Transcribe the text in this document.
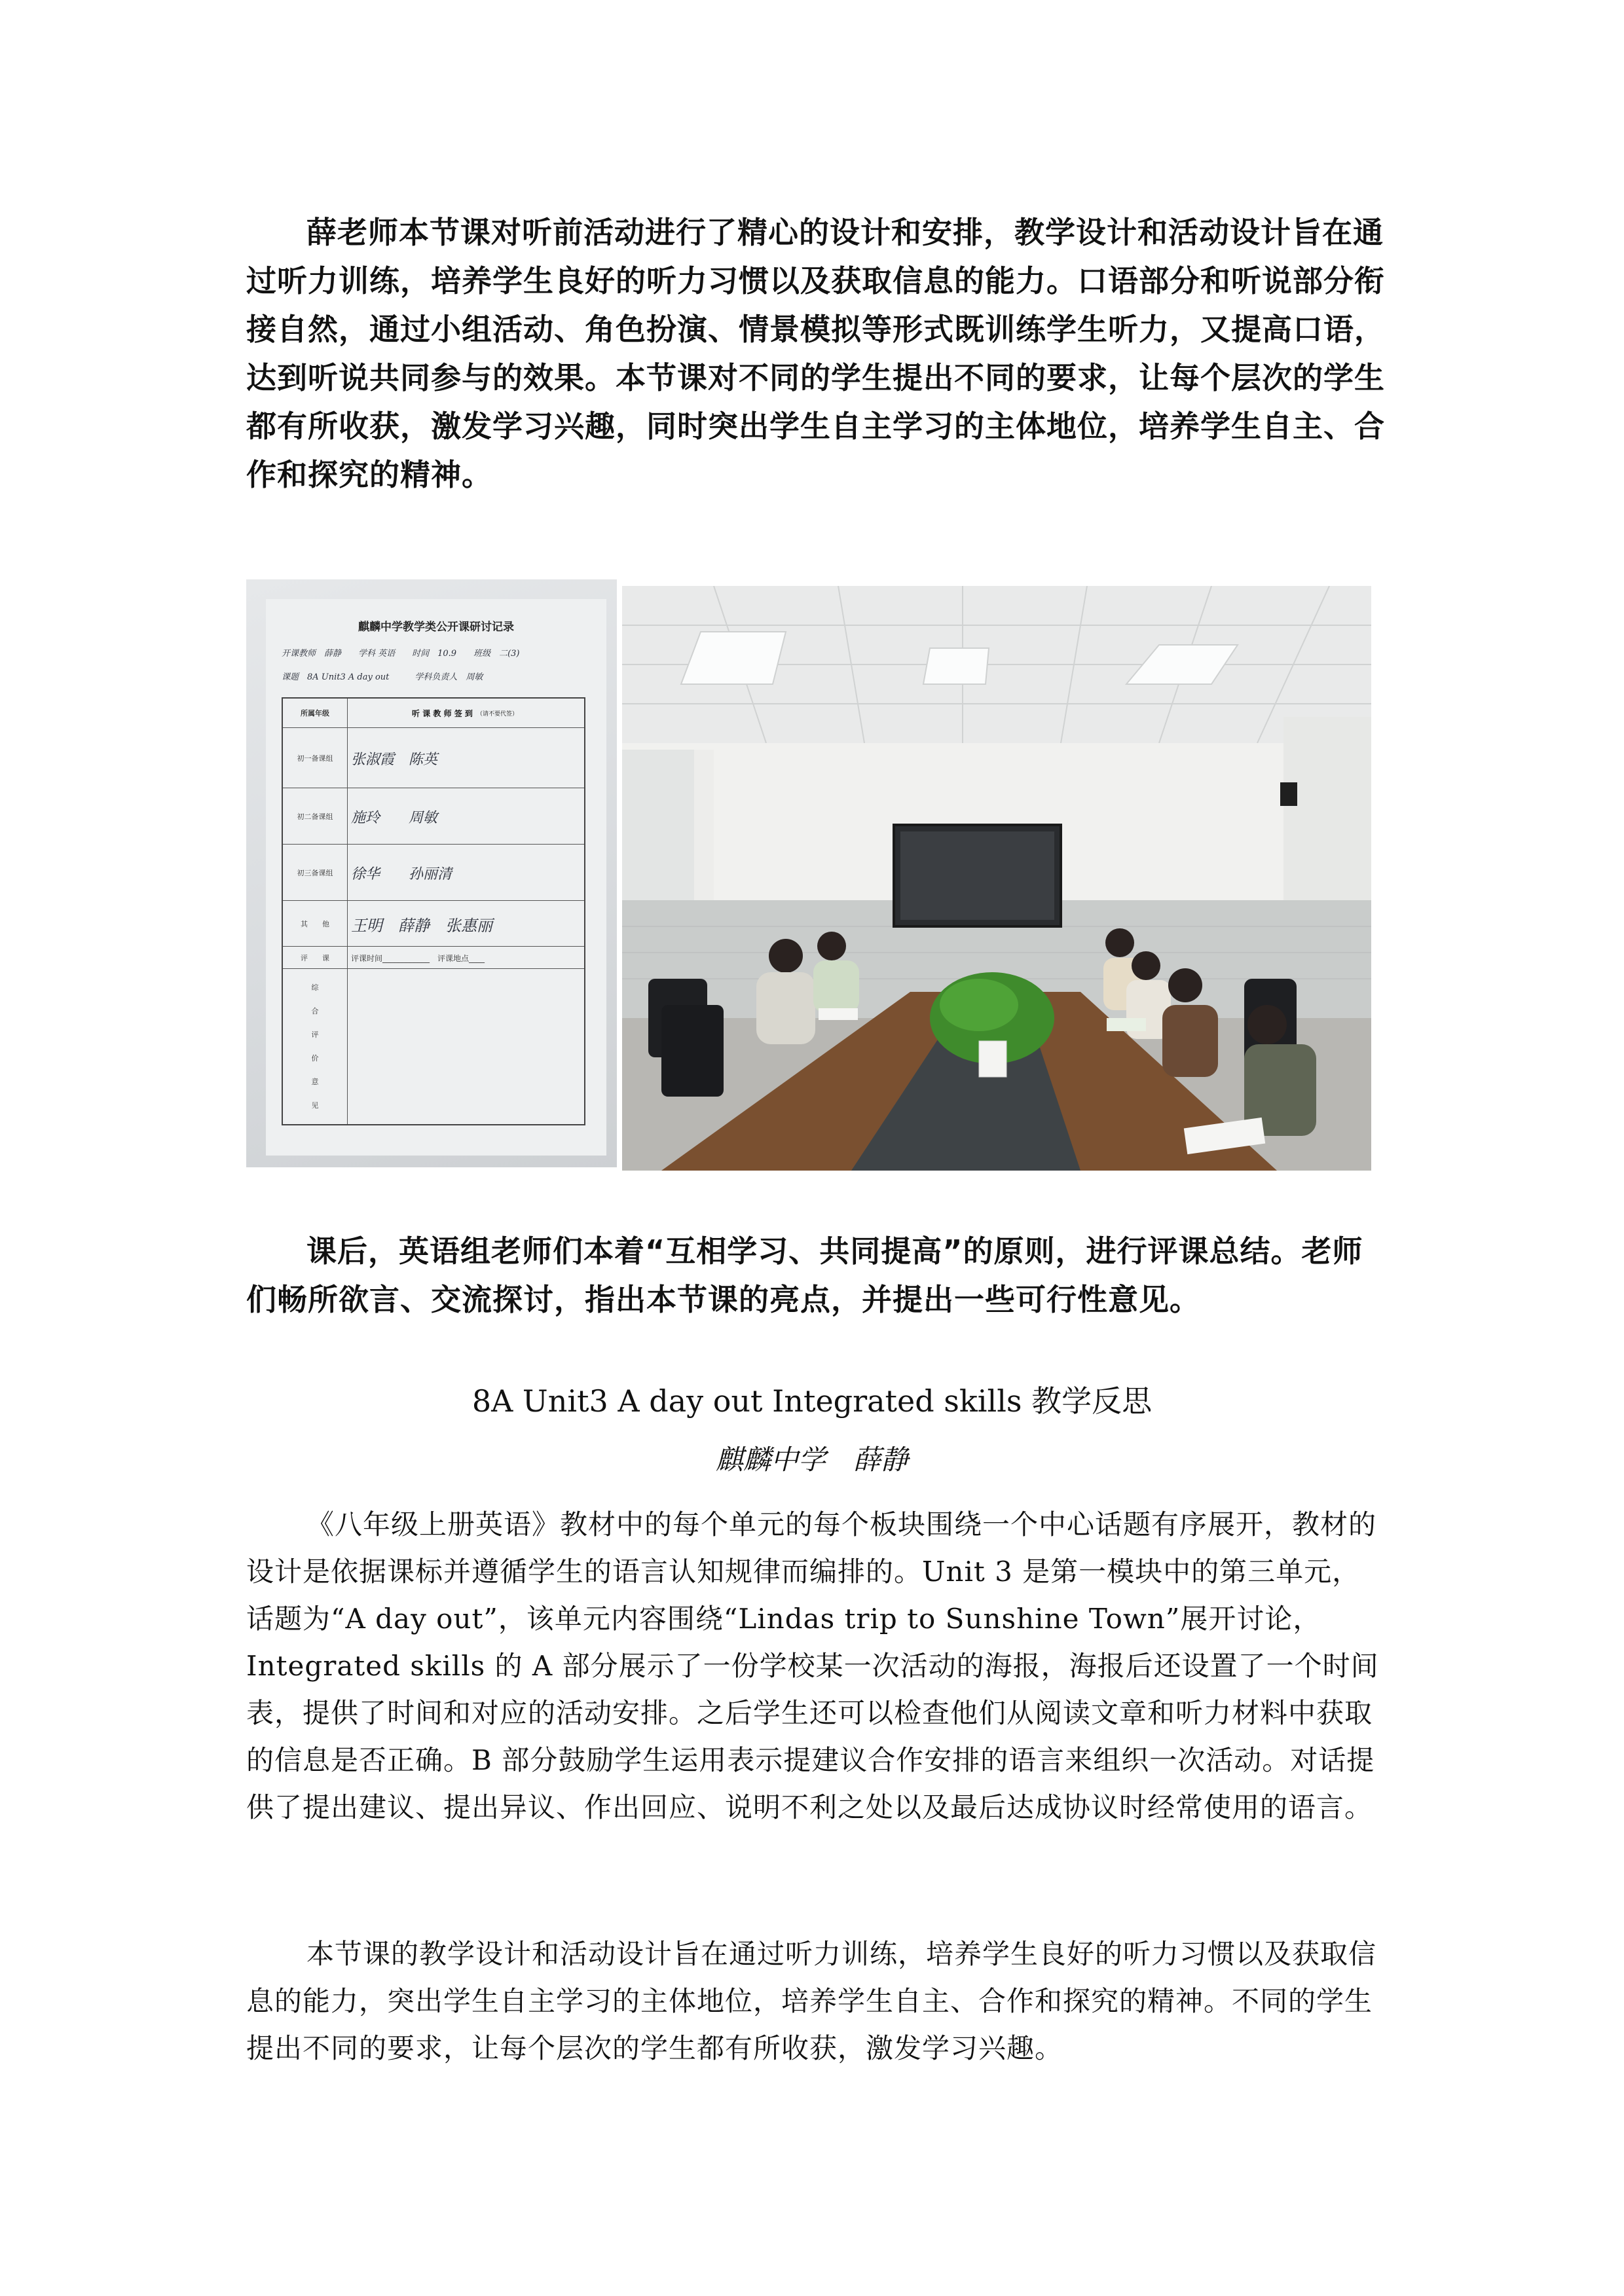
薛老师本节课对听前活动进行了精心的设计和安排，教学设计和活动设计旨在通过听力训练，培养学生良好的听力习惯以及获取信息的能力。口语部分和听说部分衔接自然，通过小组活动、角色扮演、情景模拟等形式既训练学生听力，又提高口语，达到听说共同参与的效果。本节课对不同的学生提出不同的要求，让每个层次的学生都有所收获，激发学习兴趣，同时突出学生自主学习的主体地位，培养学生自主、合作和探究的精神。

麒麟中学教学类公开课研讨记录
开课教师　薛静　　学科 英语　　时间　10.9　　班级　二(3)
课题　8A Unit3 A day out　　　学科负责人　周敏
所属年级	听 课 教 师 签 到 （请不要代签）
初一备课组	张淑霞　陈英
初二备课组	施玲　　周敏
初三备课组	徐华　　孙丽清
其　　他	王明　薛静　张惠丽
评　　课	评课时间____________　评课地点____
综
合
评
价
意
见

课后，英语组老师们本着“互相学习、共同提高”的原则，进行评课总结。老师们畅所欲言、交流探讨，指出本节课的亮点，并提出一些可行性意见。

8A Unit3 A day out Integrated skills 教学反思
麒麟中学　薛静

《八年级上册英语》教材中的每个单元的每个板块围绕一个中心话题有序展开，教材的设计是依据课标并遵循学生的语言认知规律而编排的。Unit 3 是第一模块中的第三单元，话题为“A day out”，该单元内容围绕“Lindas trip to Sunshine Town”展开讨论，Integrated skills 的 A 部分展示了一份学校某一次活动的海报，海报后还设置了一个时间表，提供了时间和对应的活动安排。之后学生还可以检查他们从阅读文章和听力材料中获取的信息是否正确。B 部分鼓励学生运用表示提建议合作安排的语言来组织一次活动。对话提供了提出建议、提出异议、作出回应、说明不利之处以及最后达成协议时经常使用的语言。

本节课的教学设计和活动设计旨在通过听力训练，培养学生良好的听力习惯以及获取信息的能力，突出学生自主学习的主体地位，培养学生自主、合作和探究的精神。不同的学生提出不同的要求，让每个层次的学生都有所收获，激发学习兴趣。
